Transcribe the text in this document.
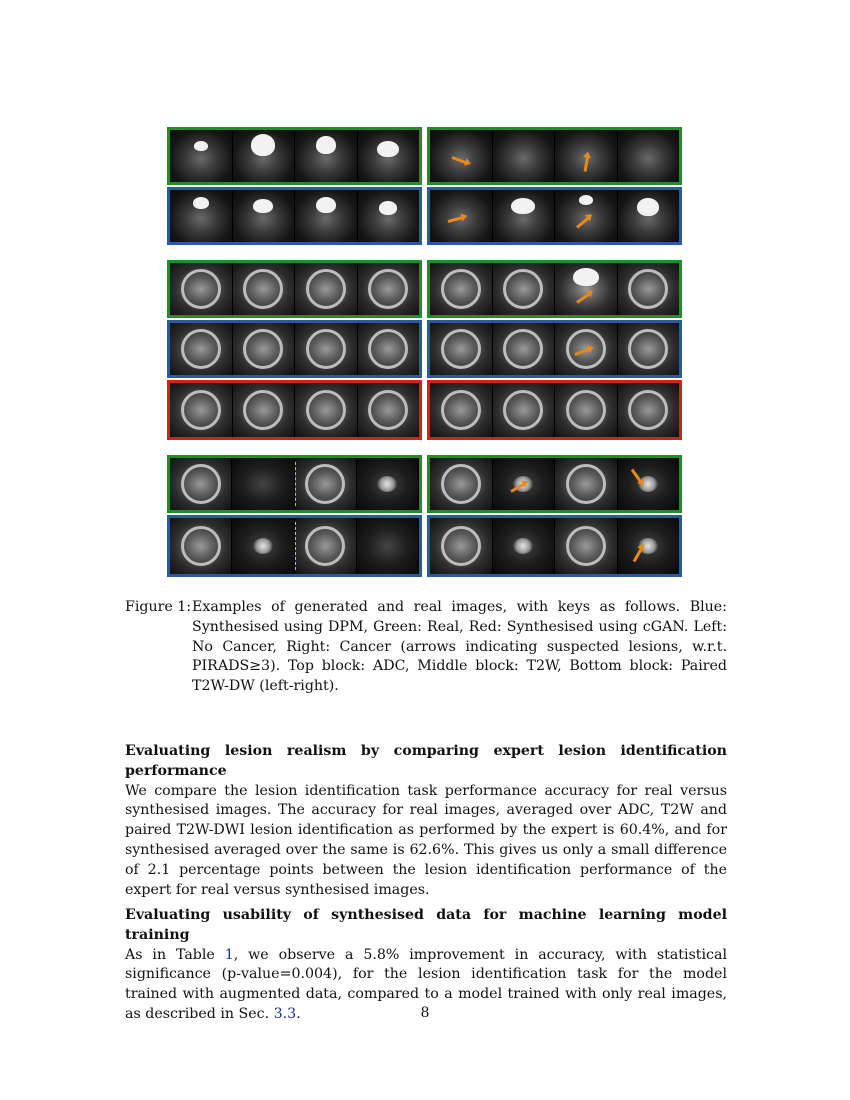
Figure 1: Examples of generated and real images, with keys as follows. Blue: Synthesised using DPM, Green: Real, Red: Synthesised using cGAN. Left: No Cancer, Right: Cancer (arrows indicating suspected lesions, w.r.t. PIRADS≥3). Top block: ADC, Middle block: T2W, Bottom block: Paired T2W-DW (left-right).
Evaluating lesion realism by comparing expert lesion identification performance

We compare the lesion identification task performance accuracy for real versus synthesised images. The accuracy for real images, averaged over ADC, T2W and paired T2W-DWI lesion identification as performed by the expert is 60.4%, and for synthesised averaged over the same is 62.6%. This gives us only a small difference of 2.1 percentage points between the lesion identification performance of the expert for real versus synthesised images.

Evaluating usability of synthesised data for machine learning model training

As in Table 1, we observe a 5.8% improvement in accuracy, with statistical significance (p-value=0.004), for the lesion identification task for the model trained with augmented data, compared to a model trained with only real images, as described in Sec. 3.3.	8
